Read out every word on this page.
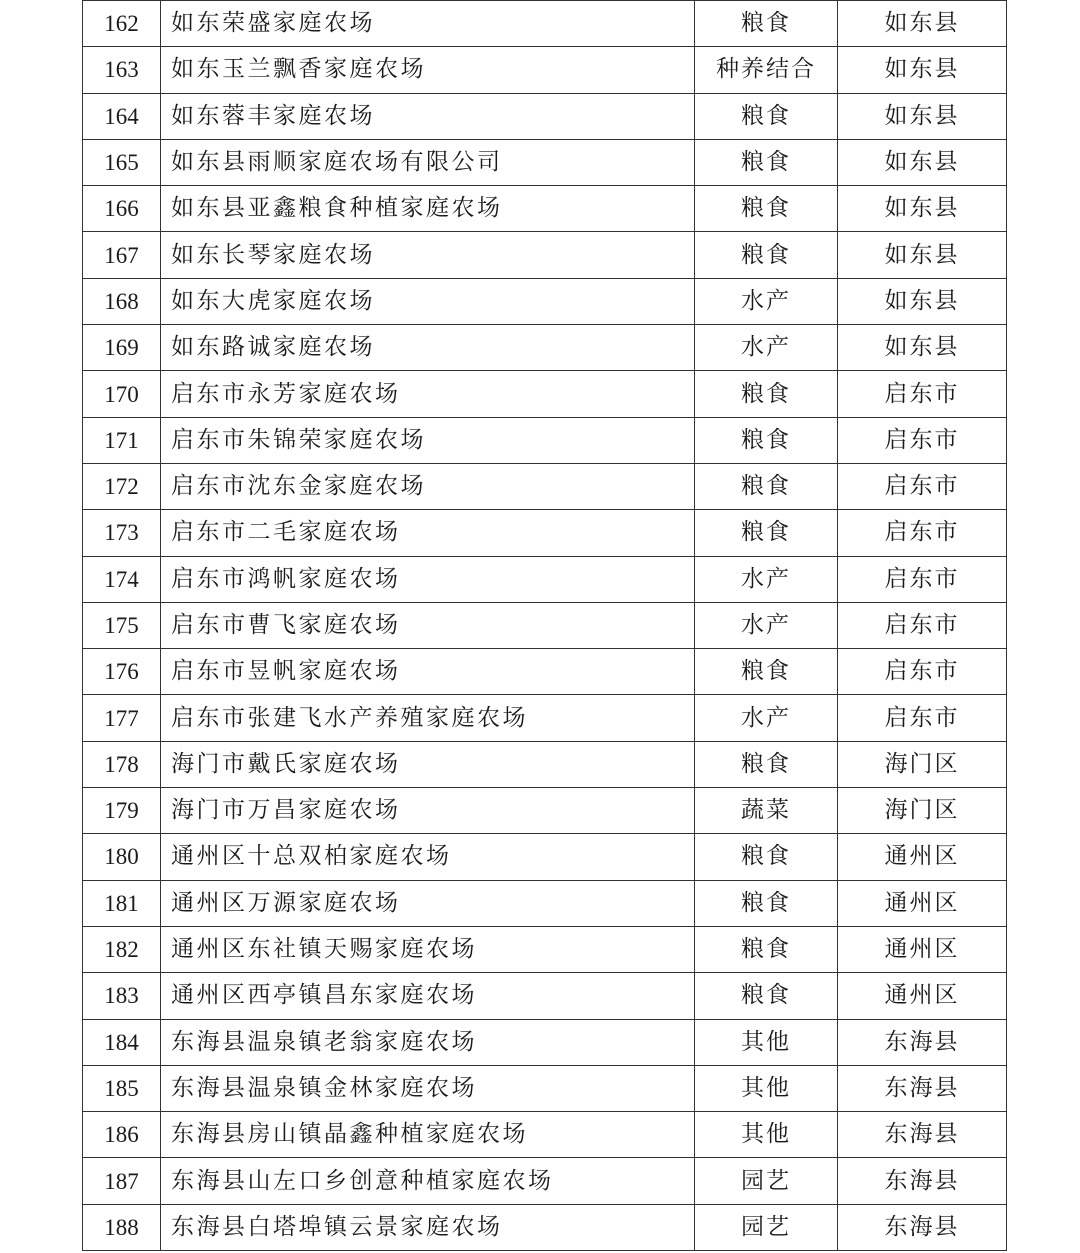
162	如东荣盛家庭农场	粮食	如东县
163	如东玉兰飘香家庭农场	种养结合	如东县
164	如东蓉丰家庭农场	粮食	如东县
165	如东县雨顺家庭农场有限公司	粮食	如东县
166	如东县亚鑫粮食种植家庭农场	粮食	如东县
167	如东长琴家庭农场	粮食	如东县
168	如东大虎家庭农场	水产	如东县
169	如东路诚家庭农场	水产	如东县
170	启东市永芳家庭农场	粮食	启东市
171	启东市朱锦荣家庭农场	粮食	启东市
172	启东市沈东金家庭农场	粮食	启东市
173	启东市二毛家庭农场	粮食	启东市
174	启东市鸿帆家庭农场	水产	启东市
175	启东市曹飞家庭农场	水产	启东市
176	启东市昱帆家庭农场	粮食	启东市
177	启东市张建飞水产养殖家庭农场	水产	启东市
178	海门市戴氏家庭农场	粮食	海门区
179	海门市万昌家庭农场	蔬菜	海门区
180	通州区十总双柏家庭农场	粮食	通州区
181	通州区万源家庭农场	粮食	通州区
182	通州区东社镇天赐家庭农场	粮食	通州区
183	通州区西亭镇昌东家庭农场	粮食	通州区
184	东海县温泉镇老翁家庭农场	其他	东海县
185	东海县温泉镇金林家庭农场	其他	东海县
186	东海县房山镇晶鑫种植家庭农场	其他	东海县
187	东海县山左口乡创意种植家庭农场	园艺	东海县
188	东海县白塔埠镇云景家庭农场	园艺	东海县
